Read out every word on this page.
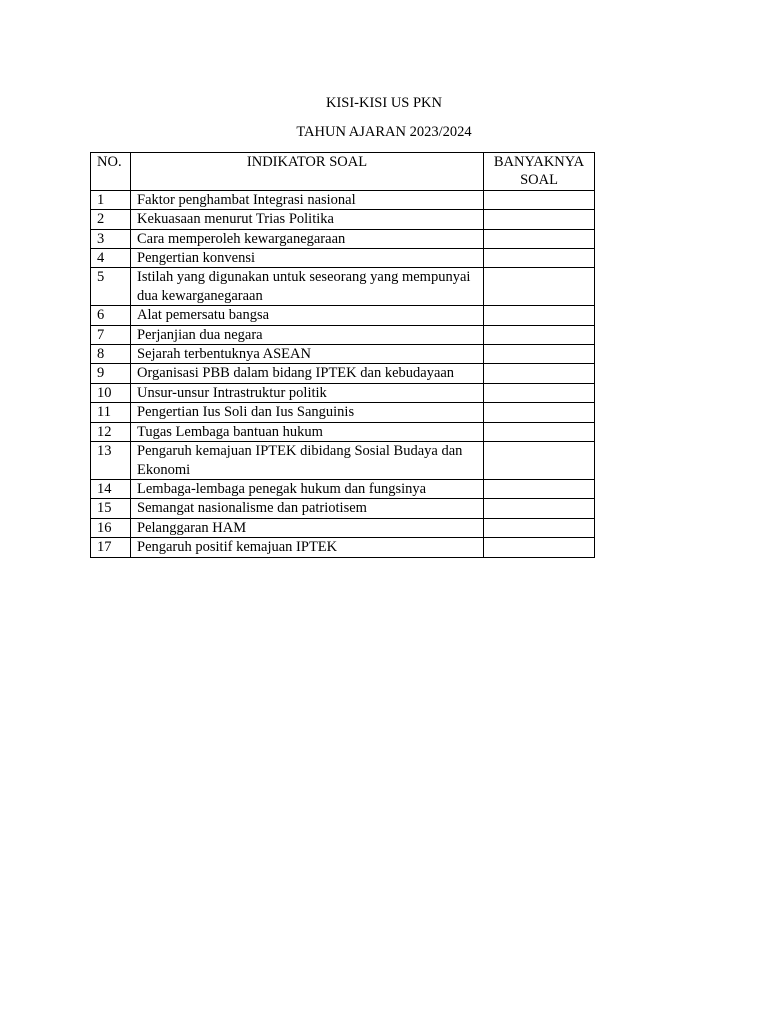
KISI-KISI US PKN
TAHUN AJARAN 2023/2024
NO.	INDIKATOR SOAL	BANYAKNYA SOAL
1	Faktor penghambat Integrasi nasional	
2	Kekuasaan menurut Trias Politika	
3	Cara memperoleh kewarganegaraan	
4	Pengertian konvensi	
5	Istilah yang digunakan untuk seseorang yang mempunyai dua kewarganegaraan	
6	Alat pemersatu bangsa	
7	Perjanjian dua negara	
8	Sejarah terbentuknya ASEAN	
9	Organisasi PBB dalam bidang IPTEK dan kebudayaan	
10	Unsur-unsur Intrastruktur politik	
11	Pengertian Ius Soli dan Ius Sanguinis	
12	Tugas Lembaga bantuan hukum	
13	Pengaruh kemajuan IPTEK dibidang Sosial Budaya dan Ekonomi	
14	Lembaga-lembaga penegak hukum dan fungsinya	
15	Semangat nasionalisme dan patriotisem	
16	Pelanggaran HAM	
17	Pengaruh positif kemajuan IPTEK	
